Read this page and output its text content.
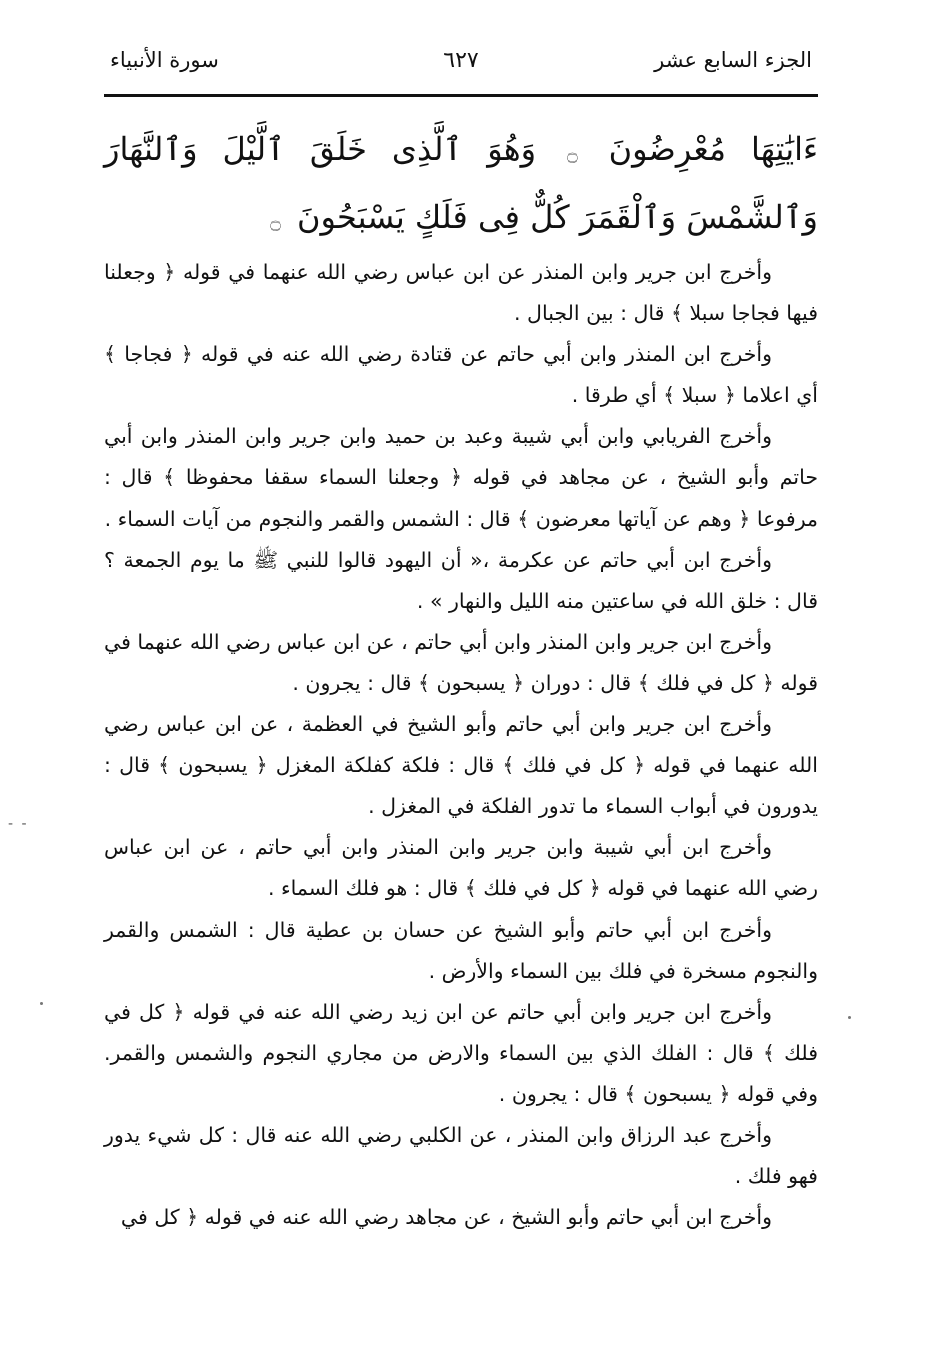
الجزء السابع عشر
٦٢٧
سورة الأنبياء
ءَايَٰتِهَا مُعْرِضُونَ ۝ وَهُوَ ٱلَّذِى خَلَقَ ٱلَّيْلَ وَٱلنَّهَارَ وَٱلشَّمْسَ وَٱلْقَمَرَ كُلٌّ فِى فَلَكٍ يَسْبَحُونَ ۝

وأخرج ابن جرير وابن المنذر عن ابن عباس رضي الله عنهما في قوله ﴿ وجعلنا فيها فجاجا سبلا ﴾ قال : بين الجبال .

وأخرج ابن المنذر وابن أبي حاتم عن قتادة رضي الله عنه في قوله ﴿ فجاجا ﴾ أي اعلاما ﴿ سبلا ﴾ أي طرقا .

وأخرج الفريابي وابن أبي شيبة وعبد بن حميد وابن جرير وابن المنذر وابن أبي حاتم وأبو الشيخ ، عن مجاهد في قوله ﴿ وجعلنا السماء سقفا محفوظا ﴾ قال : مرفوعا ﴿ وهم عن آياتها معرضون ﴾ قال : الشمس والقمر والنجوم من آيات السماء .

وأخرج ابن أبي حاتم عن عكرمة ،« أن اليهود قالوا للنبي ﷺ ما يوم الجمعة ؟ قال : خلق الله في ساعتين منه الليل والنهار » .

وأخرج ابن جرير وابن المنذر وابن أبي حاتم ، عن ابن عباس رضي الله عنهما في قوله ﴿ كل في فلك ﴾ قال : دوران ﴿ يسبحون ﴾ قال : يجرون .

وأخرج ابن جرير وابن أبي حاتم وأبو الشيخ في العظمة ، عن ابن عباس رضي الله عنهما في قوله ﴿ كل في فلك ﴾ قال : فلكة كفلكة المغزل ﴿ يسبحون ﴾ قال : يدورون في أبواب السماء ما تدور الفلكة في المغزل .

وأخرج ابن أبي شيبة وابن جرير وابن المنذر وابن أبي حاتم ، عن ابن عباس رضي الله عنهما في قوله ﴿ كل في فلك ﴾ قال : هو فلك السماء .

وأخرج ابن أبي حاتم وأبو الشيخ عن حسان بن عطية قال : الشمس والقمر والنجوم مسخرة في فلك بين السماء والأرض .

وأخرج ابن جرير وابن أبي حاتم عن ابن زيد رضي الله عنه في قوله ﴿ كل في فلك ﴾ قال : الفلك الذي بين السماء والارض من مجاري النجوم والشمس والقمر. وفي قوله ﴿ يسبحون ﴾ قال : يجرون .

وأخرج عبد الرزاق وابن المنذر ، عن الكلبي رضي الله عنه قال : كل شيء يدور فهو فلك .

وأخرج ابن أبي حاتم وأبو الشيخ ، عن مجاهد رضي الله عنه في قوله ﴿ كل في

- -
